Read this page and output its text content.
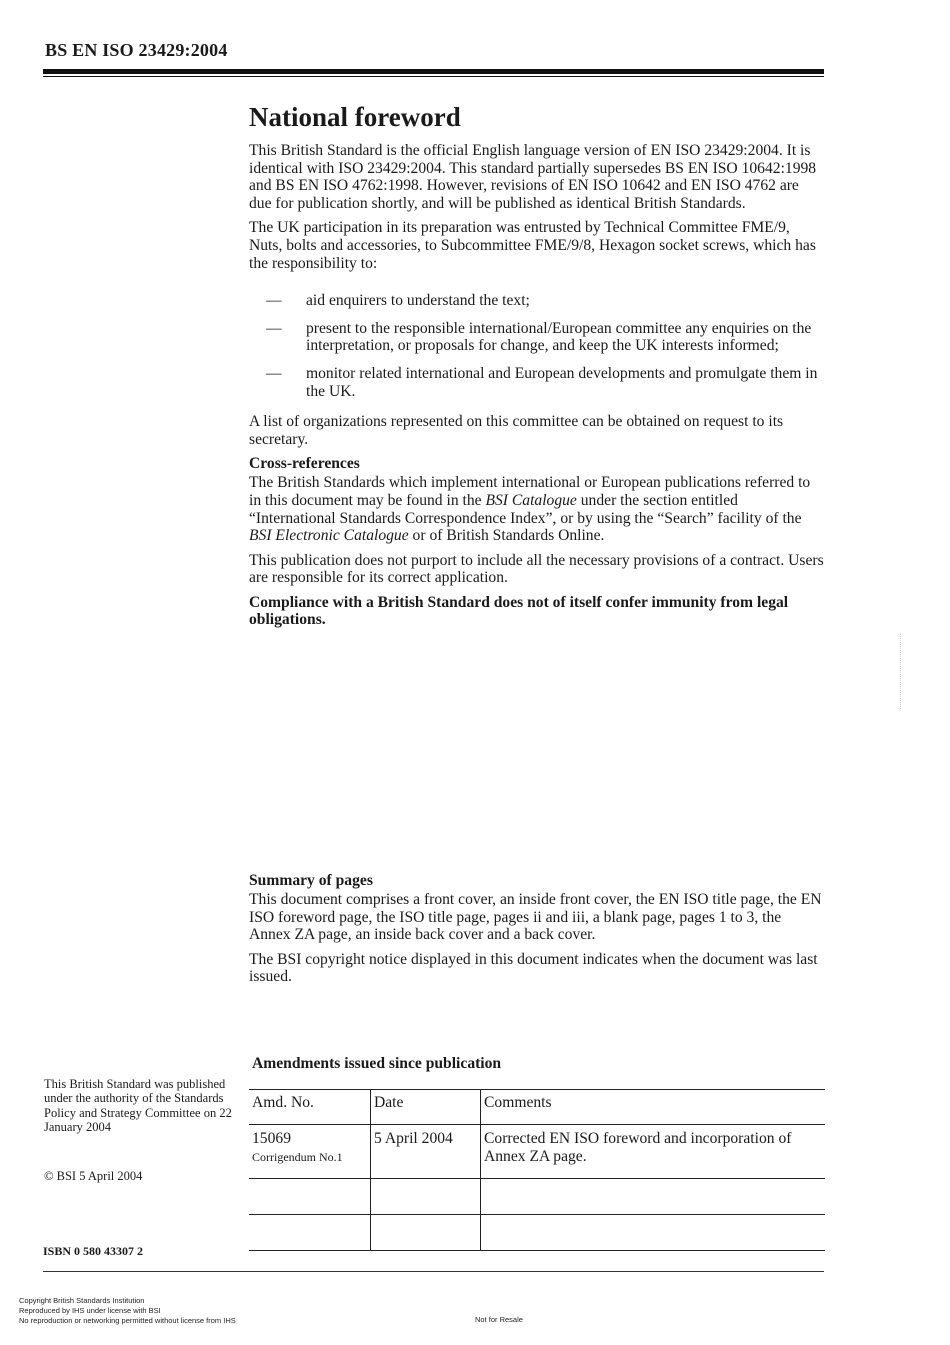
BS EN ISO 23429:2004
National foreword

This British Standard is the official English language version of EN ISO 23429:2004. It is identical with ISO 23429:2004. This standard partially supersedes BS EN ISO 10642:1998 and BS EN ISO 4762:1998. However, revisions of EN ISO 10642 and EN ISO 4762 are due for publication shortly, and will be published as identical British Standards.

The UK participation in its preparation was entrusted by Technical Committee FME/9, Nuts, bolts and accessories, to Subcommittee FME/9/8, Hexagon socket screws, which has the responsibility to:

— aid enquirers to understand the text;
— present to the responsible international/European committee any enquiries on the interpretation, or proposals for change, and keep the UK interests informed;
— monitor related international and European developments and promulgate them in the UK.

A list of organizations represented on this committee can be obtained on request to its secretary.

Cross-references

The British Standards which implement international or European publications referred to in this document may be found in the BSI Catalogue under the section entitled “International Standards Correspondence Index”, or by using the “Search” facility of the BSI Electronic Catalogue or of British Standards Online.

This publication does not purport to include all the necessary provisions of a contract. Users are responsible for its correct application.

Compliance with a British Standard does not of itself confer immunity from legal obligations.

Summary of pages

This document comprises a front cover, an inside front cover, the EN ISO title page, the EN ISO foreword page, the ISO title page, pages ii and iii, a blank page, pages 1 to 3, the Annex ZA page, an inside back cover and a back cover.

The BSI copyright notice displayed in this document indicates when the document was last issued.

Amendments issued since publication
Amd. No.	Date	Comments
15069
Corrigendum No.1	5 April 2004	Corrected EN ISO foreword and incorporation of Annex ZA page.

This British Standard was published under the authority of the Standards Policy and Strategy Committee on 22 January 2004
© BSI 5 April 2004
ISBN 0 580 43307 2
Copyright British Standards Institution
Reproduced by IHS under license with BSI
No reproduction or networking permitted without license from IHS	Not for Resale
